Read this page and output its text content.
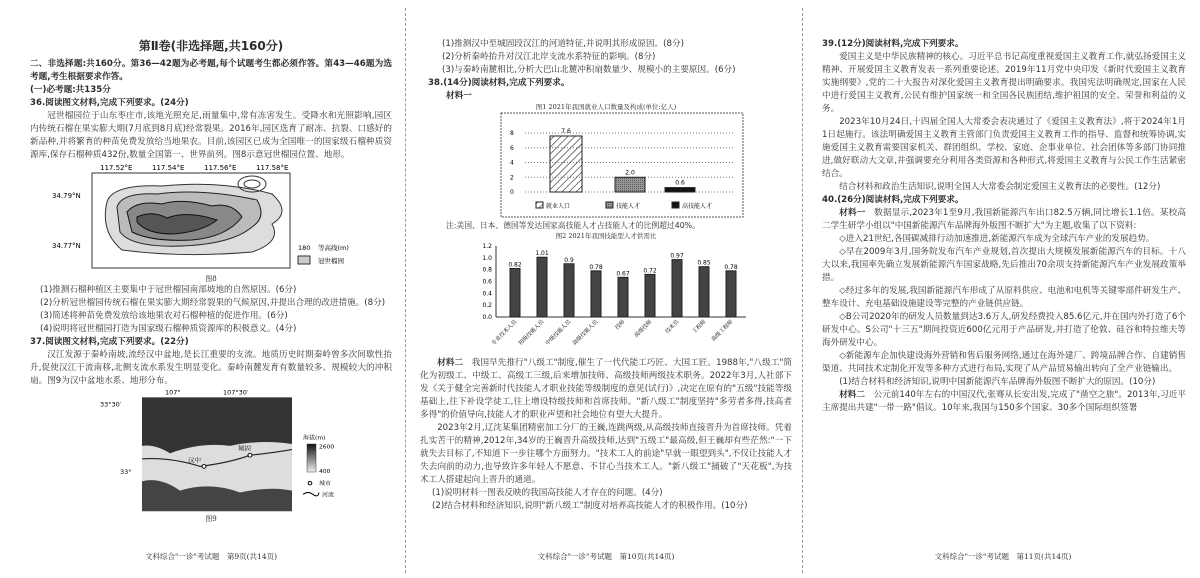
第Ⅱ卷(非选择题,共160分)
二、非选择题:共160分。第36—42题为必考题,每个试题考生都必须作答。第43—46题为选考题,考生根据要求作答。
(一)必考题:共135分
36.阅读图文材料,完成下列要求。(24分)
冠世榴园位于山东枣庄市,该地光照充足,雨量集中,常有冻害发生。受降水和光照影响,园区内传统石榴在果实膨大期(7月底到8月底)经常裂果。2016年,园区选育了耐冻、抗裂、口感好的新品种,并将繁育的种苗免费发放给当地果农。目前,该园区已成为全国唯一的国家级石榴种质资源库,保存石榴种质432份,数量全国第一、世界前列。图8示意冠世榴园位置、地形。
117.52°E	117.54°E	117.56°E	117.58°E
34.79°N
34.77°N	180 等高线(m)
冠世榴园
图8
(1)推测石榴种植区主要集中于冠世榴园南部坡地的自然原因。(6分)
(2)分析冠世榴园传统石榴在果实膨大期经常裂果的气候原因,并提出合理的改进措施。(8分)
(3)简述将种苗免费发放给该地果农对石榴种植的促进作用。(6分)
(4)说明将冠世榴园打造为国家级石榴种质资源库的积极意义。(4分)
37.阅读图文材料,完成下列要求。(22分)
汉江发源于秦岭南坡,流经汉中盆地,是长江重要的支流。地质历史时期秦岭曾多次间歇性抬升,促使汉江干流南移,北侧支流水系发生明显变化。秦岭南麓发育有数量较多、规模较大的冲积扇。图9为汉中盆地水系、地形分布。
107°	107°30′
33°30′
33°
汉中
城固
海拔(m)
2600
400
城市
河流
图9
文科综合"一诊"考试题　第9页(共14页)
(1)推测汉中至城固段汉江的河道特征,并说明其形成原因。(8分)
(2)分析秦岭抬升对汉江北岸支流水系特征的影响。(8分)
(3)与秦岭南麓相比,分析大巴山北麓冲积扇数量少、规模小的主要原因。(6分)
38.(14分)阅读材料,完成下列要求。
材料一
图1 2021年我国就业人口数量及构成(单位:亿人)
0
2
4
6
8	7.6
2.0
0.6
就业人口	技能人才	高技能人才
注:美国、日本、德国等发达国家高技能人才占技能人才的比例超过40%。
图2 2021年我国技能型人才供需比
0.0
0.2
0.4
0.6
0.8
1.0
1.2
0.82
专业技术人员
1.01
初级技能人员
0.9
中级技能人员
0.78
高级技能人员
0.67
技师
0.72
高级技师
0.97
技术员
0.85
工程师
0.78
高级工程师
材料二　 我国早先推行"八级工"制度,催生了一代代能工巧匠、大国工匠。1988年,"八级工"简化为初级工、中级工、高级工三级,后来增加技师、高级技师两级技术职务。2022年3月,人社部下发《关于健全完善新时代技能人才职业技能等级制度的意见(试行)》,决定在原有的"五级"技能等级基础上,往下补设学徒工,往上增设特级技师和首席技师。"新八级工"制度坚持"多劳者多得,技高者多得"的价值导向,技能人才的职业声望和社会地位有望大大提升。
2023年2月,辽沈某集团精密加工分厂的王巍,连跳两级,从高级技师直接晋升为首席技师。凭着扎实苦干的精神,2012年,34岁的王巍晋升高级技师,达到"五级工"最高级,但王巍却有些茫然:"一下就失去目标了,不知道下一步往哪个方面努力。"技术工人的前途"早就一眼望到头",不仅让技能人才失去向前的动力,也导致许多年轻人不愿意、不甘心当技术工人。"新八级工"捅破了"天花板",为技术工人搭建起向上晋升的通道。
(1)说明材料一图表反映的我国高技能人才存在的问题。(4分)
(2)结合材料和经济知识,说明"新八级工"制度对培养高技能人才的积极作用。(10分)
文科综合"一诊"考试题　第10页(共14页)
39.(12分)阅读材料,完成下列要求。
爱国主义是中华民族精神的核心。习近平总书记高度重视爱国主义教育工作,就弘扬爱国主义精神、开展爱国主义教育发表一系列重要论述。2019年11月党中央印发《新时代爱国主义教育实施纲要》,党的二十大报告对深化爱国主义教育提出明确要求。我国宪法明确规定,国家在人民中进行爱国主义教育,公民有维护国家统一和全国各民族团结,维护祖国的安全、荣誉和利益的义务。
2023年10月24日,十四届全国人大常委会表决通过了《爱国主义教育法》,将于2024年1月1日起施行。该法明确爱国主义教育主管部门负责爱国主义教育工作的指导、监督和统筹协调,实施爱国主义教育需要国家机关、群团组织、学校、家庭、企事业单位、社会团体等多部门协同推进,做好联动大文章,并强调要充分利用各类资源和各种形式,将爱国主义教育与公民工作生活紧密结合。
结合材料和政治生活知识,说明全国人大常委会制定爱国主义教育法的必要性。(12分)
40.(26分)阅读材料,完成下列要求。
材料一　 数据显示,2023年1至9月,我国新能源汽车出口82.5万辆,同比增长1.1倍。某校高二学生研学小组以"中国新能源汽车品牌海外版图不断扩大"为主题,收集了以下资料:
◇进入21世纪,各国碳减排行动加速推进,新能源汽车成为全球汽车产业的发展趋势。
◇早在2009年3月,国务院发布汽车产业规划,首次提出大规模发展新能源汽车的目标。十八大以来,我国率先确立发展新能源汽车国家战略,先后推出70余项支持新能源汽车产业发展政策举措。
◇经过多年的发展,我国新能源汽车形成了从原料供应、电池和电机等关键零部件研发生产、整车设计、充电基础设施建设等完整的产业链供应链。
◇B公司2020年的研发人员数量到达3.6万人,研发经费投入85.6亿元,并在国内外打造了6个研发中心。S公司"十三五"期间投资近600亿元用于产品研发,并打造了伦敦、硅谷和特拉维夫等海外研发中心。
◇新能源车企加快建设海外营销和售后服务网络,通过在海外建厂、跨境品牌合作、自建销售渠道、共同技术定制化开发等多种方式进行布局,实现了从产品贸易输出转向了全产业链输出。
(1)结合材料和经济知识,说明中国新能源汽车品牌海外版图不断扩大的原因。(10分)
材料二　 公元前140年左右的中国汉代,张骞从长安出发,完成了"凿空之旅"。2013年,习近平主席提出共建"一带一路"倡议。10年来,我国与150多个国家、30多个国际组织签署
文科综合"一诊"考试题　第11页(共14页)
